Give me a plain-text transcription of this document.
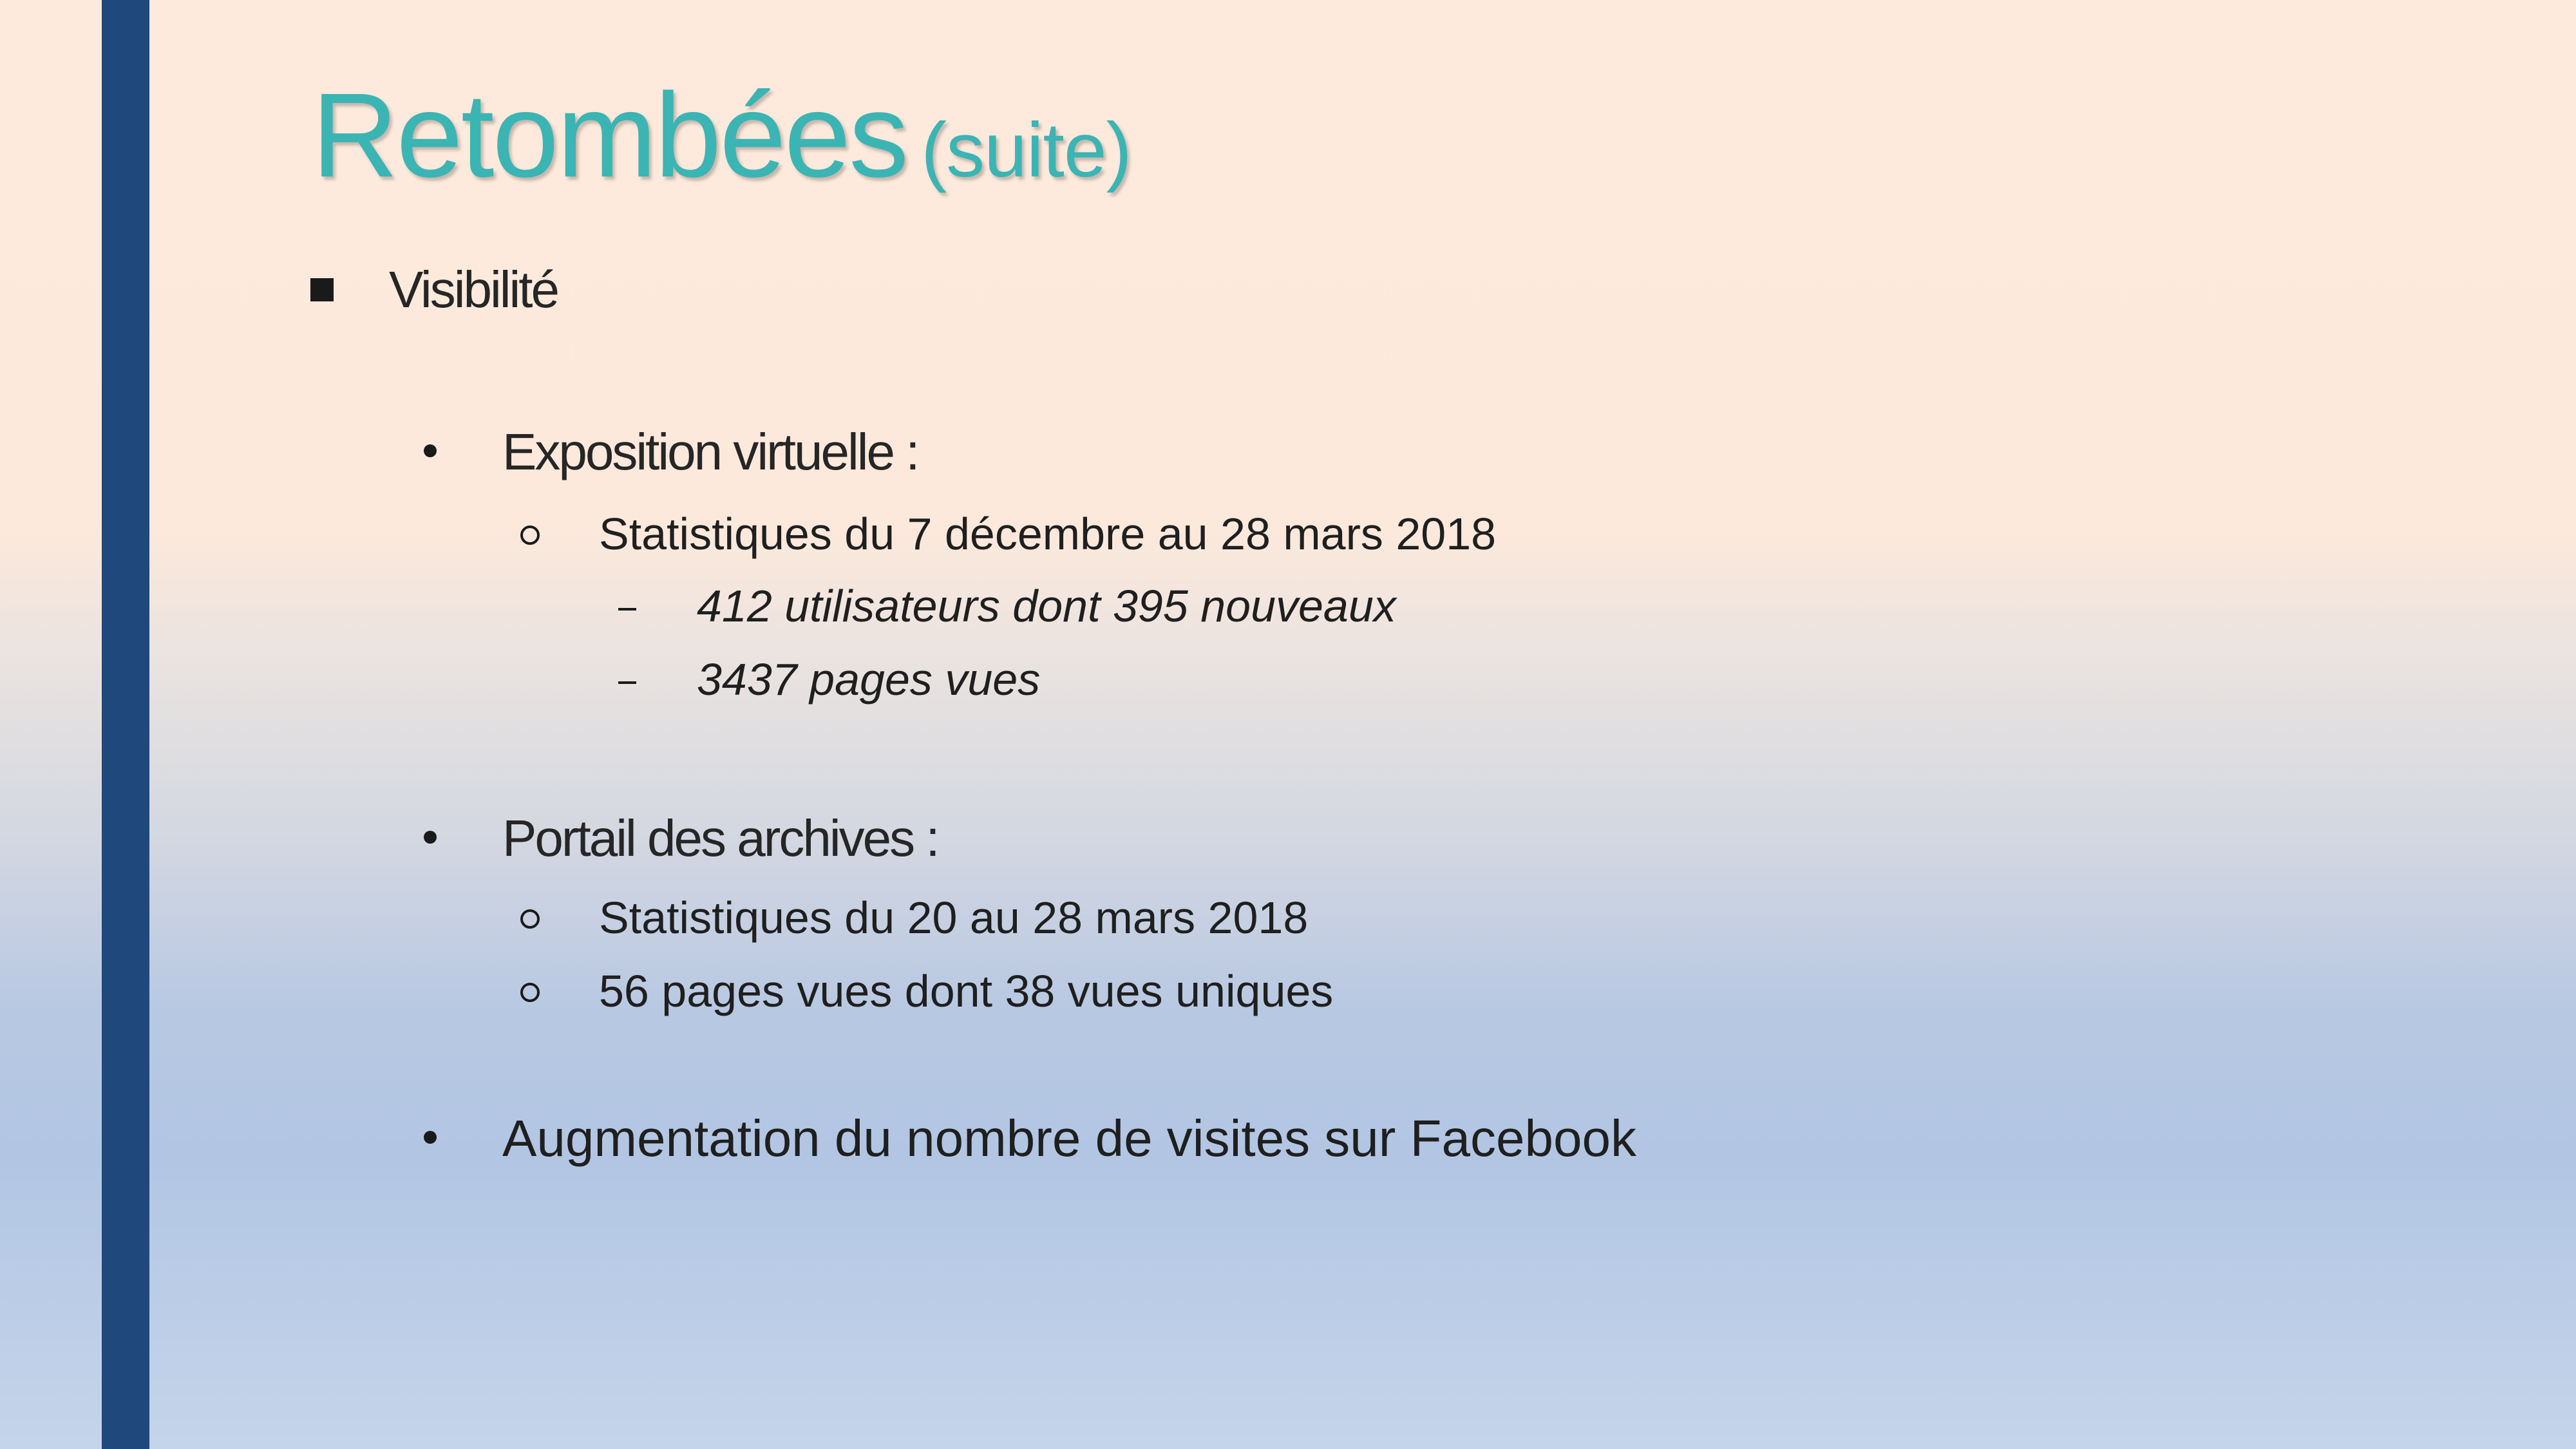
Retombées (suite)
Visibilité
Exposition virtuelle :
Statistiques du 7 décembre au 28 mars 2018
412 utilisateurs dont 395 nouveaux
3437 pages vues
Portail des archives :
Statistiques du 20 au 28 mars 2018
56 pages vues dont 38 vues uniques
Augmentation du nombre de visites sur Facebook
